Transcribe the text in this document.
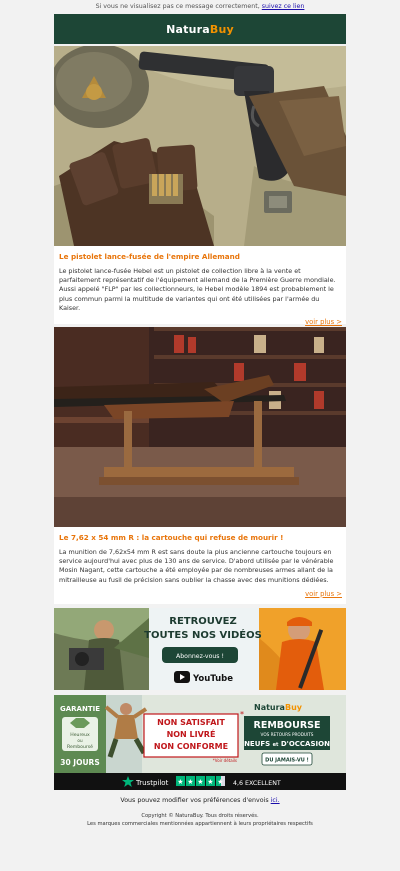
Si vous ne visualisez pas ce message correctement, suivez ce lien
NaturaBuy
Le pistolet lance-fusée de l'empire Allemand
Le pistolet lance-fusée Hebel est un pistolet de collection libre à la vente et parfaitement représentatif de l'équipement allemand de la Première Guerre mondiale. Aussi appelé "FLP" par les collectionneurs, le Hebel modèle 1894 est probablement le plus commun parmi la multitude de variantes qui ont été utilisées par l'armée du Kaiser.
voir plus >
Le 7,62 x 54 mm R : la cartouche qui refuse de mourir !
La munition de 7,62x54 mm R est sans doute la plus ancienne cartouche toujours en service aujourd'hui avec plus de 130 ans de service. D'abord utilisée par le vénérable Mosin Nagant, cette cartouche a été employée par de nombreuses armes allant de la mitrailleuse au fusil de précision sans oublier la chasse avec des munitions dédiées.
voir plus >
RETROUVEZ
TOUTES NOS VIDÉOS
Abonnez-vous !
YouTube
GARANTIE
Heureux
ou
Remboursé
30 JOURS
NON SATISFAIT
NON LIVRÉ
NON CONFORME
*Voir détails
*
NaturaBuy
REMBOURSE
VOS RETOURS PRODUITS
NEUFS et D'OCCASION
DU JAMAIS-VU !
Trustpilot ★ ★ ★ ★ ★ 4,6 EXCELLENT
Vous pouvez modifier vos préférences d'envois ici.
Copyright © NaturaBuy. Tous droits réservés.
Les marques commerciales mentionnées appartiennent à leurs propriétaires respectifs
